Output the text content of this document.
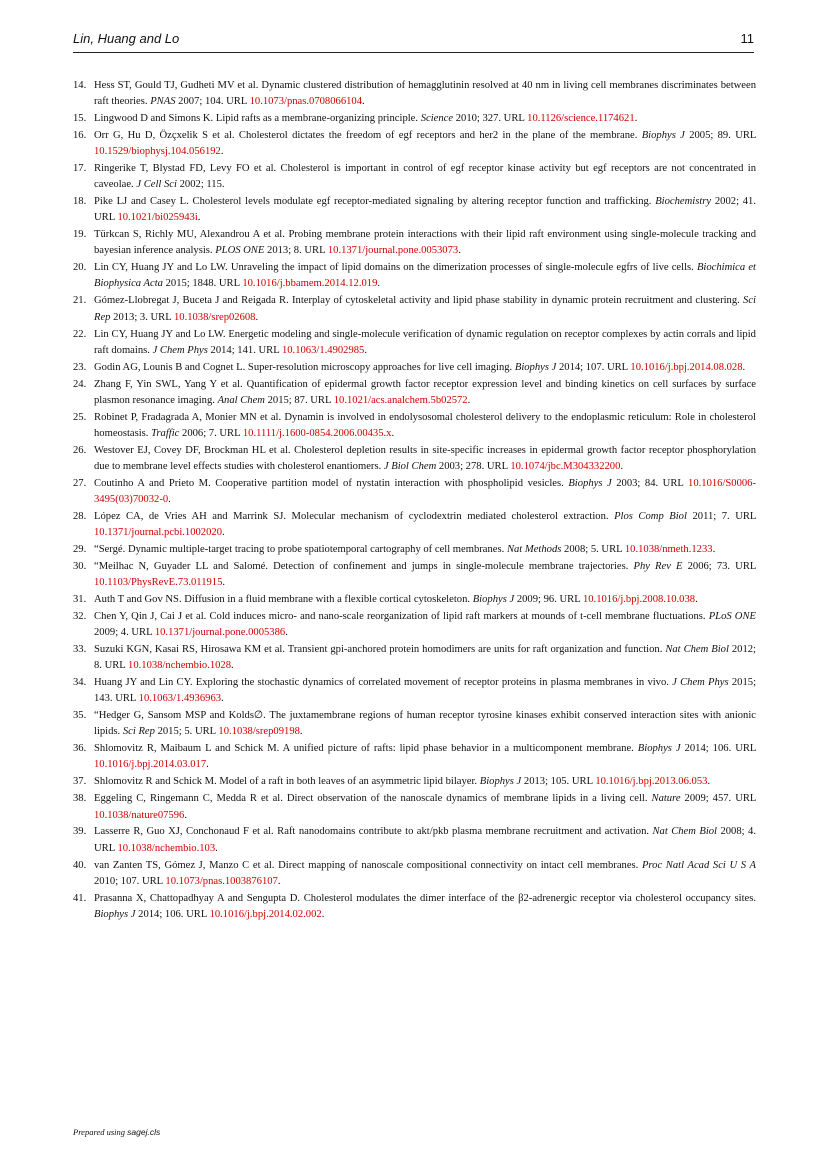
Lin, Huang and Lo	11
14. Hess ST, Gould TJ, Gudheti MV et al. Dynamic clustered distribution of hemagglutinin resolved at 40 nm in living cell membranes discriminates between raft theories. PNAS 2007; 104. URL 10.1073/pnas.0708066104.
15. Lingwood D and Simons K. Lipid rafts as a membrane-organizing principle. Science 2010; 327. URL 10.1126/science.1174621.
16. Orr G, Hu D, Özçxelik S et al. Cholesterol dictates the freedom of egf receptors and her2 in the plane of the membrane. Biophys J 2005; 89. URL 10.1529/biophysj.104.056192.
17. Ringerike T, Blystad FD, Levy FO et al. Cholesterol is important in control of egf receptor kinase activity but egf receptors are not concentrated in caveolae. J Cell Sci 2002; 115.
18. Pike LJ and Casey L. Cholesterol levels modulate egf receptor-mediated signaling by altering receptor function and trafficking. Biochemistry 2002; 41. URL 10.1021/bi025943i.
19. Türkcan S, Richly MU, Alexandrou A et al. Probing membrane protein interactions with their lipid raft environment using single-molecule tracking and bayesian inference analysis. PLOS ONE 2013; 8. URL 10.1371/journal.pone.0053073.
20. Lin CY, Huang JY and Lo LW. Unraveling the impact of lipid domains on the dimerization processes of single-molecule egfrs of live cells. Biochimica et Biophysica Acta 2015; 1848. URL 10.1016/j.bbamem.2014.12.019.
21. Gómez-Llobregat J, Buceta J and Reigada R. Interplay of cytoskeletal activity and lipid phase stability in dynamic protein recruitment and clustering. Sci Rep 2013; 3. URL 10.1038/srep02608.
22. Lin CY, Huang JY and Lo LW. Energetic modeling and single-molecule verification of dynamic regulation on receptor complexes by actin corrals and lipid raft domains. J Chem Phys 2014; 141. URL 10.1063/1.4902985.
23. Godin AG, Lounis B and Cognet L. Super-resolution microscopy approaches for live cell imaging. Biophys J 2014; 107. URL 10.1016/j.bpj.2014.08.028.
24. Zhang F, Yin SWL, Yang Y et al. Quantification of epidermal growth factor receptor expression level and binding kinetics on cell surfaces by surface plasmon resonance imaging. Anal Chem 2015; 87. URL 10.1021/acs.analchem.5b02572.
25. Robinet P, Fradagrada A, Monier MN et al. Dynamin is involved in endolysosomal cholesterol delivery to the endoplasmic reticulum: Role in cholesterol homeostasis. Traffic 2006; 7. URL 10.1111/j.1600-0854.2006.00435.x.
26. Westover EJ, Covey DF, Brockman HL et al. Cholesterol depletion results in site-specific increases in epidermal growth factor receptor phosphorylation due to membrane level effects studies with cholesterol enantiomers. J Biol Chem 2003; 278. URL 10.1074/jbc.M304332200.
27. Coutinho A and Prieto M. Cooperative partition model of nystatin interaction with phospholipid vesicles. Biophys J 2003; 84. URL 10.1016/S0006-3495(03)70032-0.
28. López CA, de Vries AH and Marrink SJ. Molecular mechanism of cyclodextrin mediated cholesterol extraction. Plos Comp Biol 2011; 7. URL 10.1371/journal.pcbi.1002020.
29. “Sergé. Dynamic multiple-target tracing to probe spatiotemporal cartography of cell membranes. Nat Methods 2008; 5. URL 10.1038/nmeth.1233.
30. “Meilhac N, Guyader LL and Salomé. Detection of confinement and jumps in single-molecule membrane trajectories. Phy Rev E 2006; 73. URL 10.1103/PhysRevE.73.011915.
31. Auth T and Gov NS. Diffusion in a fluid membrane with a flexible cortical cytoskeleton. Biophys J 2009; 96. URL 10.1016/j.bpj.2008.10.038.
32. Chen Y, Qin J, Cai J et al. Cold induces micro- and nano-scale reorganization of lipid raft markers at mounds of t-cell membrane fluctuations. PLoS ONE 2009; 4. URL 10.1371/journal.pone.0005386.
33. Suzuki KGN, Kasai RS, Hirosawa KM et al. Transient gpi-anchored protein homodimers are units for raft organization and function. Nat Chem Biol 2012; 8. URL 10.1038/nchembio.1028.
34. Huang JY and Lin CY. Exploring the stochastic dynamics of correlated movement of receptor proteins in plasma membranes in vivo. J Chem Phys 2015; 143. URL 10.1063/1.4936963.
35. “Hedger G, Sansom MSP and Kolds∅. The juxtamembrane regions of human receptor tyrosine kinases exhibit conserved interaction sites with anionic lipids. Sci Rep 2015; 5. URL 10.1038/srep09198.
36. Shlomovitz R, Maibaum L and Schick M. A unified picture of rafts: lipid phase behavior in a multicomponent membrane. Biophys J 2014; 106. URL 10.1016/j.bpj.2014.03.017.
37. Shlomovitz R and Schick M. Model of a raft in both leaves of an asymmetric lipid bilayer. Biophys J 2013; 105. URL 10.1016/j.bpj.2013.06.053.
38. Eggeling C, Ringemann C, Medda R et al. Direct observation of the nanoscale dynamics of membrane lipids in a living cell. Nature 2009; 457. URL 10.1038/nature07596.
39. Lasserre R, Guo XJ, Conchonaud F et al. Raft nanodomains contribute to akt/pkb plasma membrane recruitment and activation. Nat Chem Biol 2008; 4. URL 10.1038/nchembio.103.
40. van Zanten TS, Gómez J, Manzo C et al. Direct mapping of nanoscale compositional connectivity on intact cell membranes. Proc Natl Acad Sci U S A 2010; 107. URL 10.1073/pnas.1003876107.
41. Prasanna X, Chattopadhyay A and Sengupta D. Cholesterol modulates the dimer interface of the β2-adrenergic receptor via cholesterol occupancy sites. Biophys J 2014; 106. URL 10.1016/j.bpj.2014.02.002.
Prepared using sagej.cls
